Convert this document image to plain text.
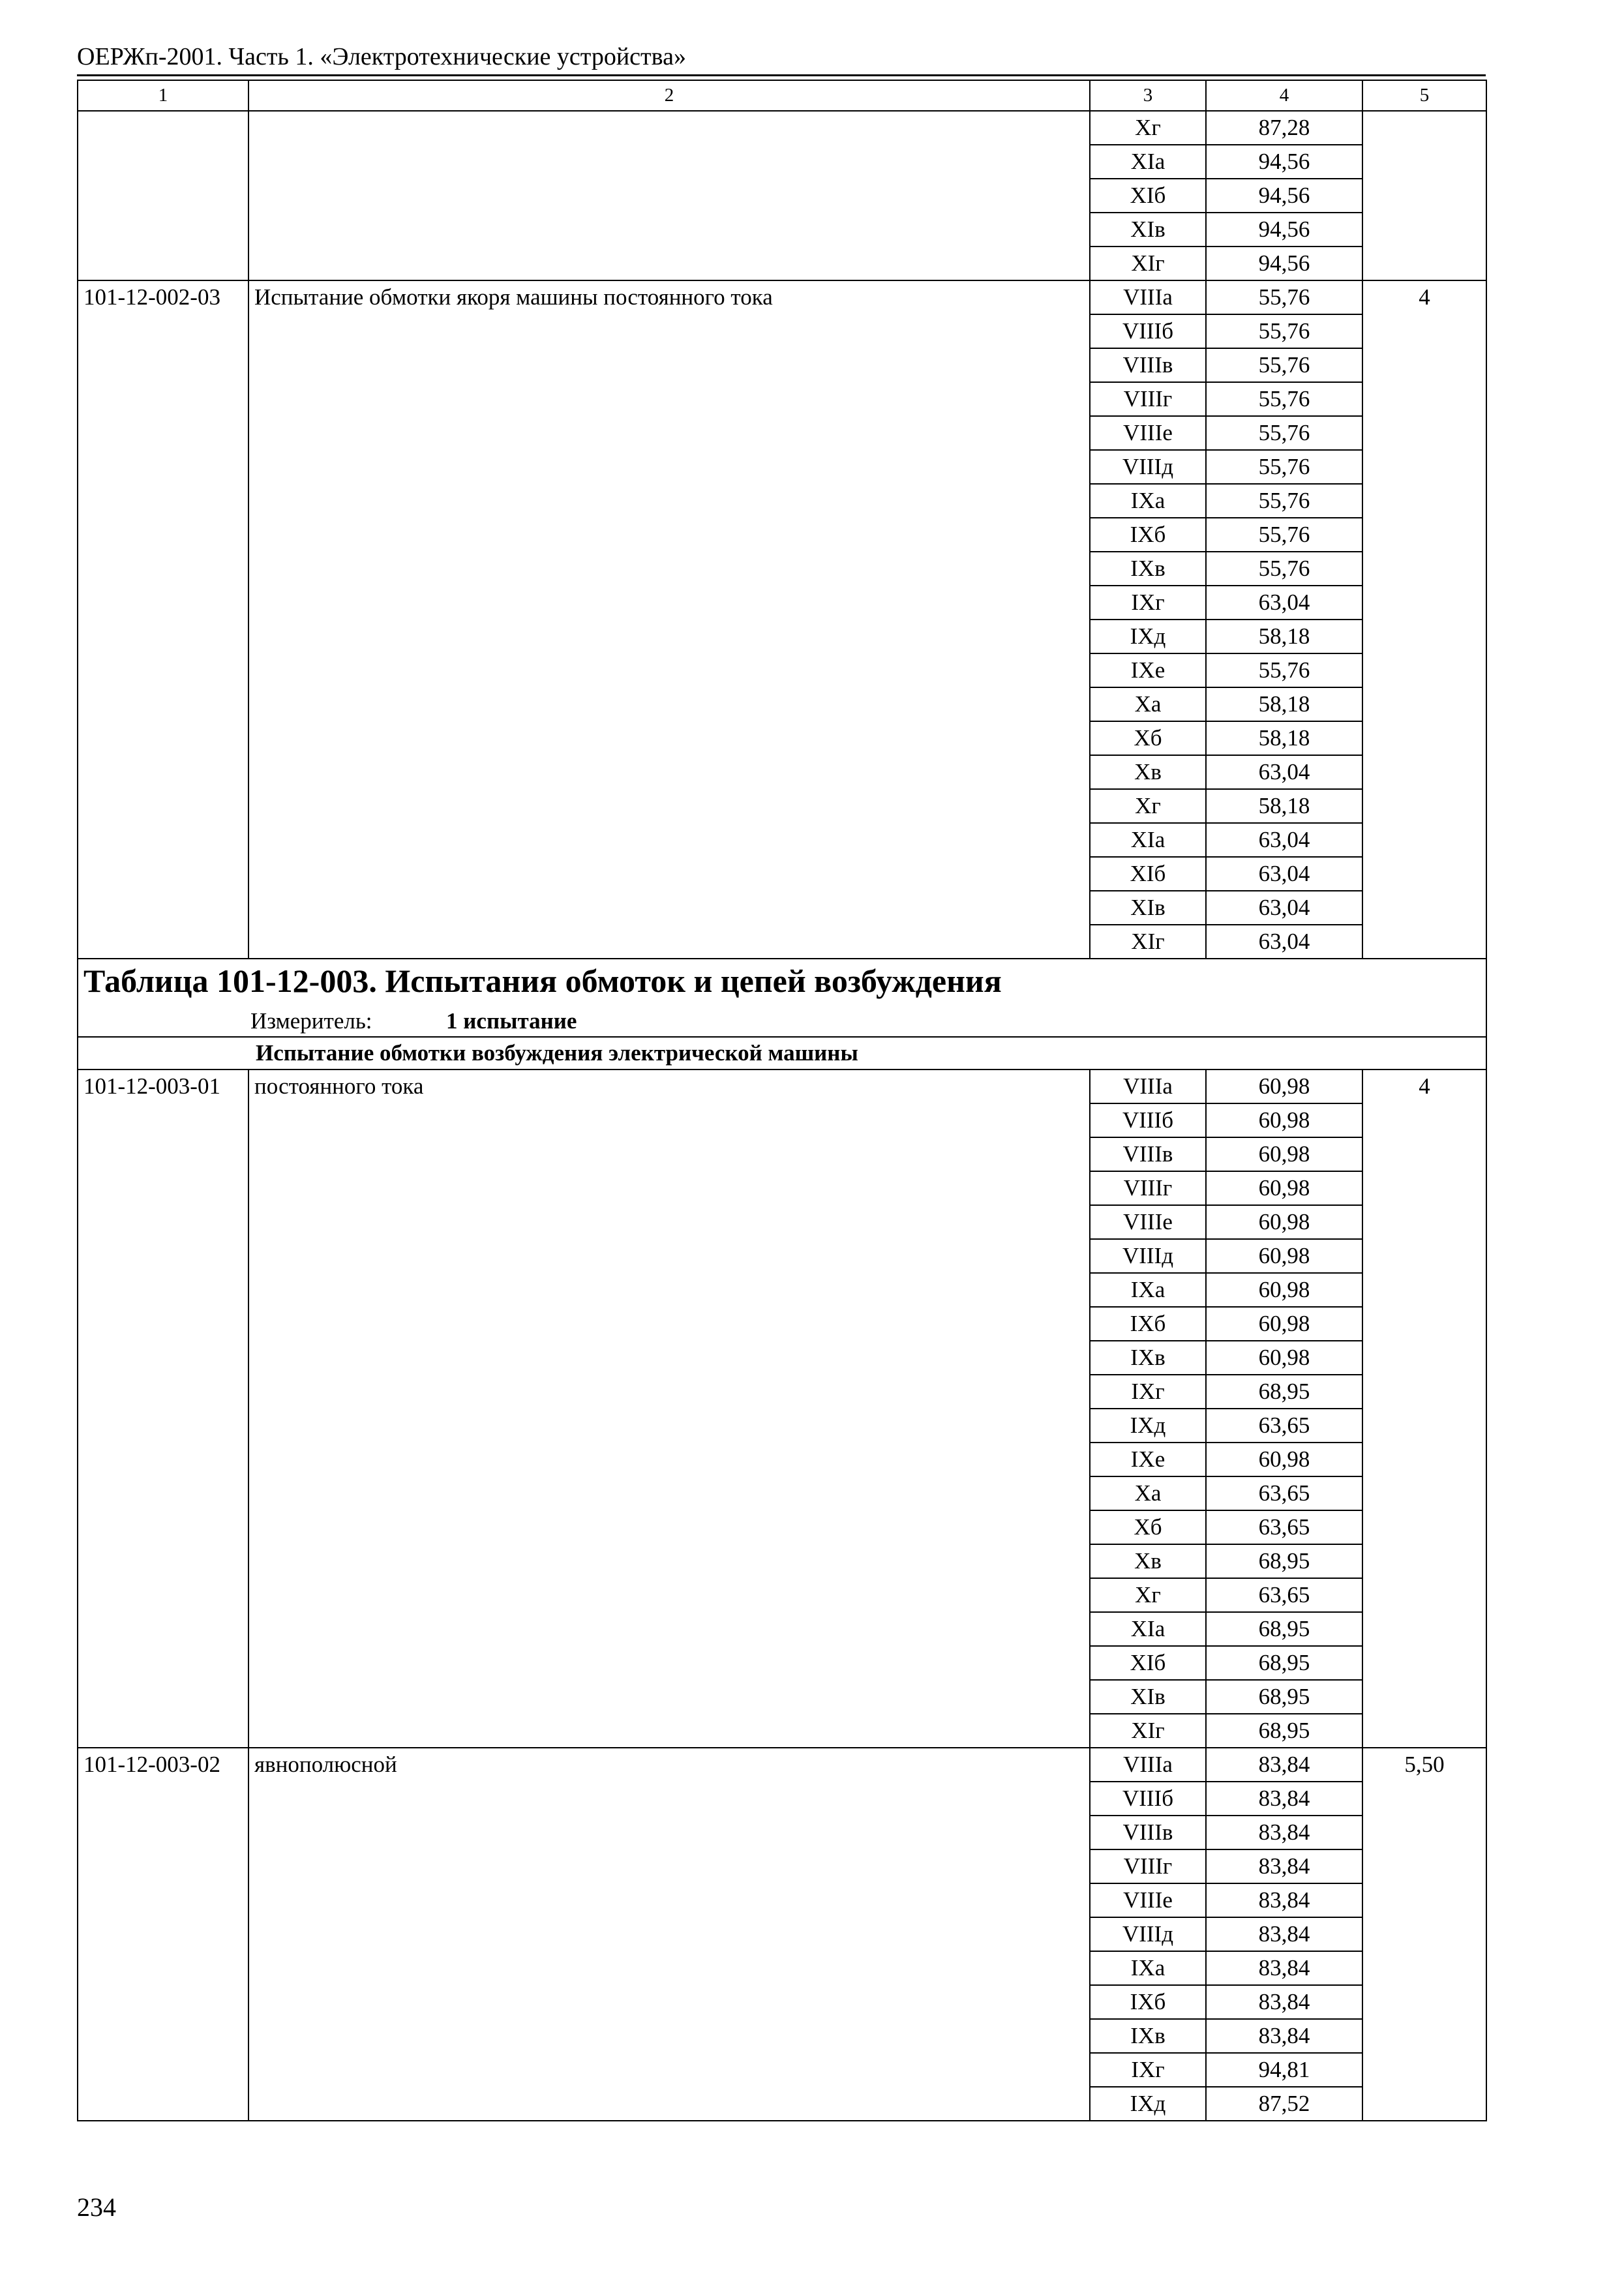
ОЕРЖп-2001. Часть 1. «Электротехнические устройства»
1	2	3	4	5
		Xг	87,28	
		XIа	94,56	
		XIб	94,56	
		XIв	94,56	
		XIг	94,56	
101-12-002-03	Испытание обмотки якоря машины постоянного тока	VIIIа	55,76	4
		VIIIб	55,76	
		VIIIв	55,76	
		VIIIг	55,76	
		VIIIе	55,76	
		VIIIд	55,76	
		IXа	55,76	
		IXб	55,76	
		IXв	55,76	
		IXг	63,04	
		IXд	58,18	
		IXе	55,76	
		Xа	58,18	
		Xб	58,18	
		Xв	63,04	
		Xг	58,18	
		XIа	63,04	
		XIб	63,04	
		XIв	63,04	
		XIг	63,04	
Таблица 101-12-003. Испытания обмоток и цепей возбуждения				
Измеритель: 1 испытание				
Испытание обмотки возбуждения электрической машины				
101-12-003-01	постоянного тока	VIIIа	60,98	4
		VIIIб	60,98	
		VIIIв	60,98	
		VIIIг	60,98	
		VIIIе	60,98	
		VIIIд	60,98	
		IXа	60,98	
		IXб	60,98	
		IXв	60,98	
		IXг	68,95	
		IXд	63,65	
		IXе	60,98	
		Xа	63,65	
		Xб	63,65	
		Xв	68,95	
		Xг	63,65	
		XIа	68,95	
		XIб	68,95	
		XIв	68,95	
		XIг	68,95	
101-12-003-02	явнополюсной	VIIIа	83,84	5,50
		VIIIб	83,84	
		VIIIв	83,84	
		VIIIг	83,84	
		VIIIе	83,84	
		VIIIд	83,84	
		IXа	83,84	
		IXб	83,84	
		IXв	83,84	
		IXг	94,81	
		IXд	87,52	
234
